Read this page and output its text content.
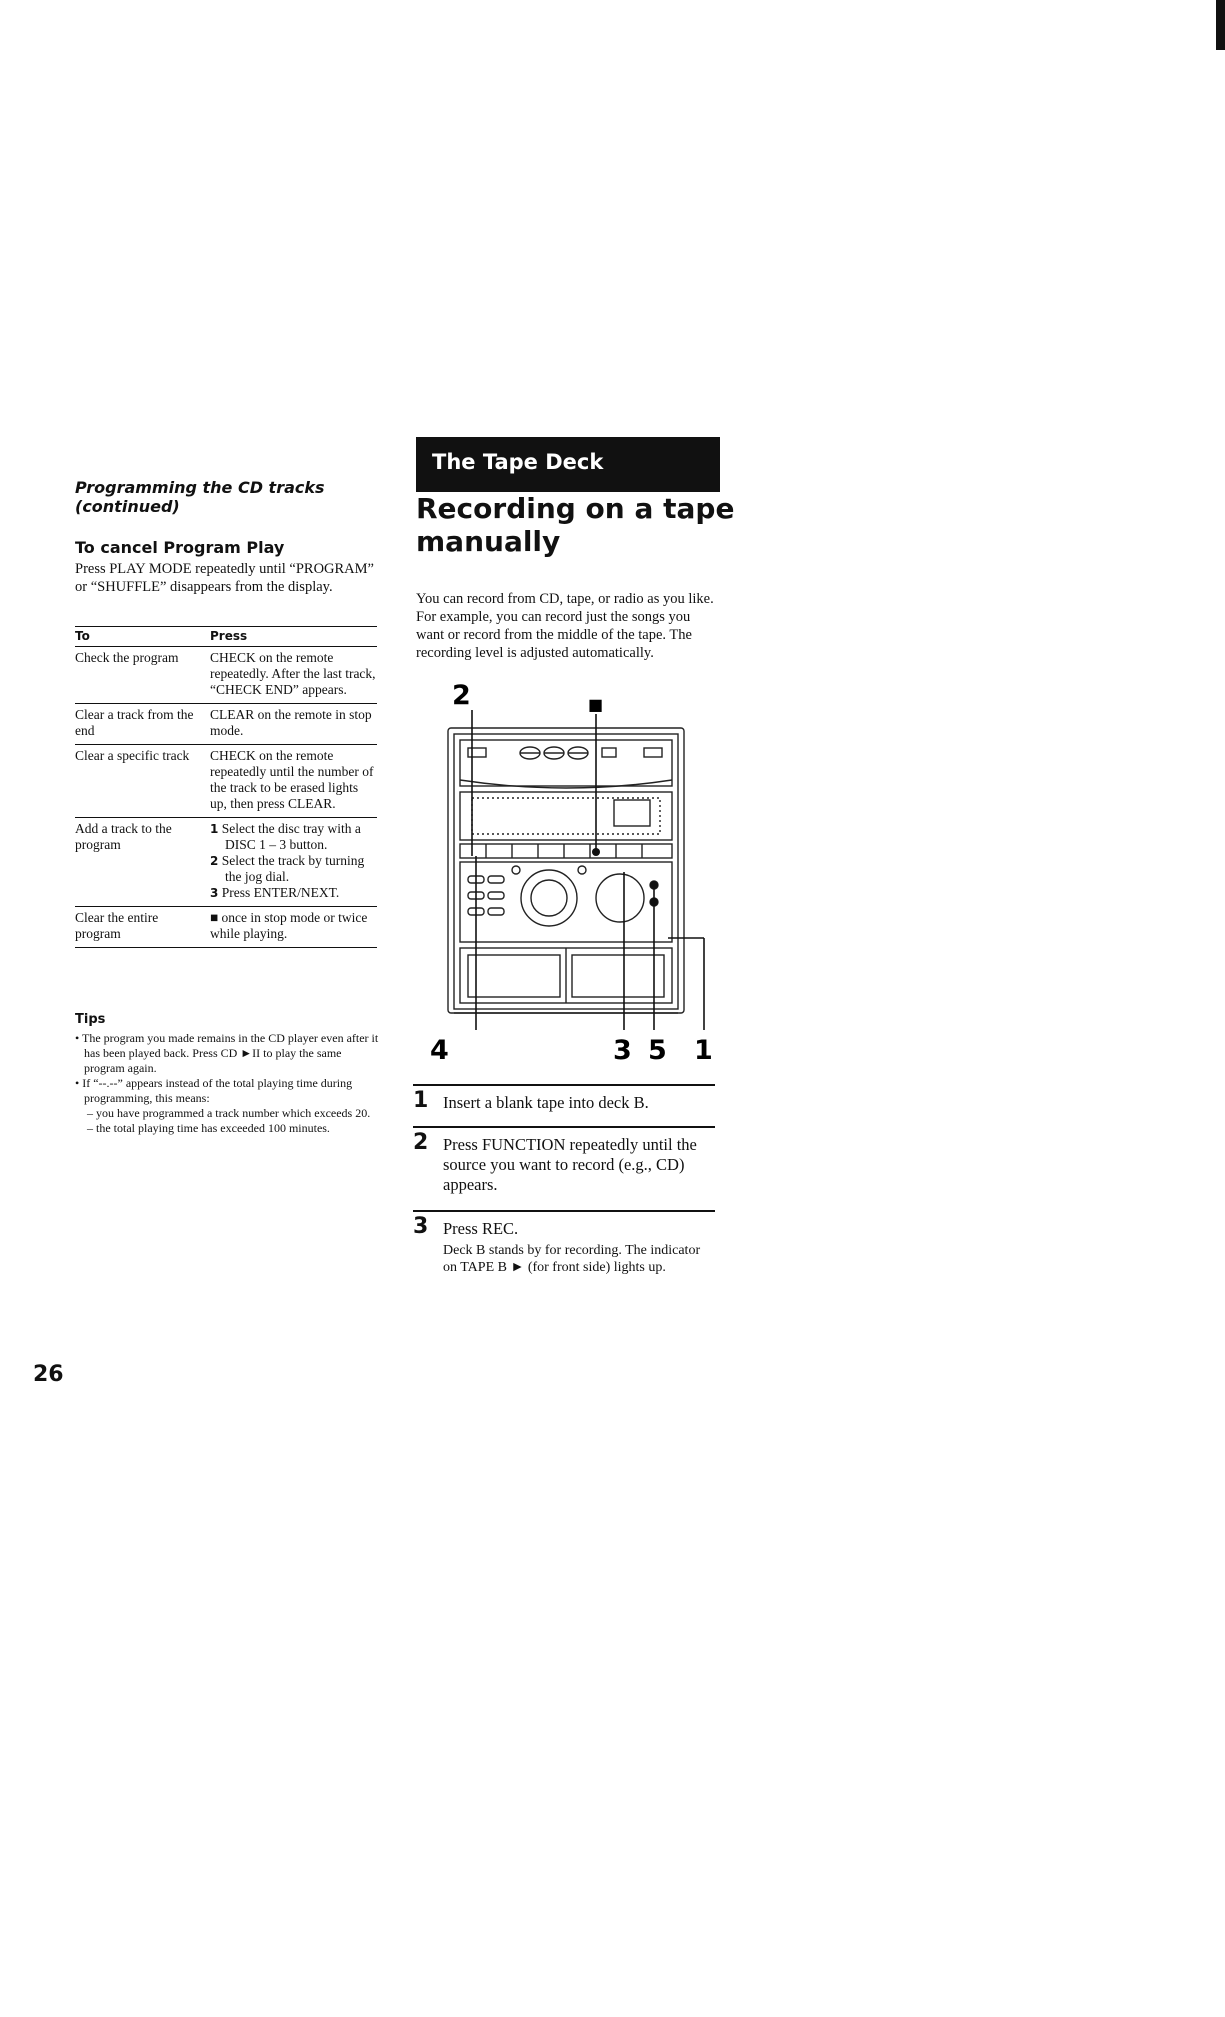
Programming the CD tracks
(continued)

To cancel Program Play

Press PLAY MODE repeatedly until “PROGRAM” or “SHUFFLE” disappears from the display.

To	Press
Check the program	CHECK on the remote repeatedly. After the last track, “CHECK END” appears.
Clear a track from the end	CLEAR on the remote in stop mode.
Clear a specific track	CHECK on the remote repeatedly until the number of the track to be erased lights up, then press CLEAR.
Add a track to the program	1 Select the disc tray with a DISC 1 – 3 button.
2 Select the track by turning the jog dial.
3 Press ENTER/NEXT.

Clear the entire program	■ once in stop mode or twice while playing.
Tips
• The program you made remains in the CD player even after it has been played back. Press CD ►II to play the same program again.
• If “--.--” appears instead of the total playing time during programming, this means:
– you have programmed a track number which exceeds 20.
– the total playing time has exceeded 100 minutes.
The Tape Deck
Recording on a tape manually

You can record from CD, tape, or radio as you like. For example, you can record just the songs you want or record from the middle of the tape. The recording level is adjusted automatically.

2	■
4	3 5 1
1 Insert a blank tape into deck B.
2 Press FUNCTION repeatedly until the source you want to record (e.g., CD) appears.
3 Press REC.
Deck B stands by for recording. The indicator on TAPE B ► (for front side) lights up.
26
